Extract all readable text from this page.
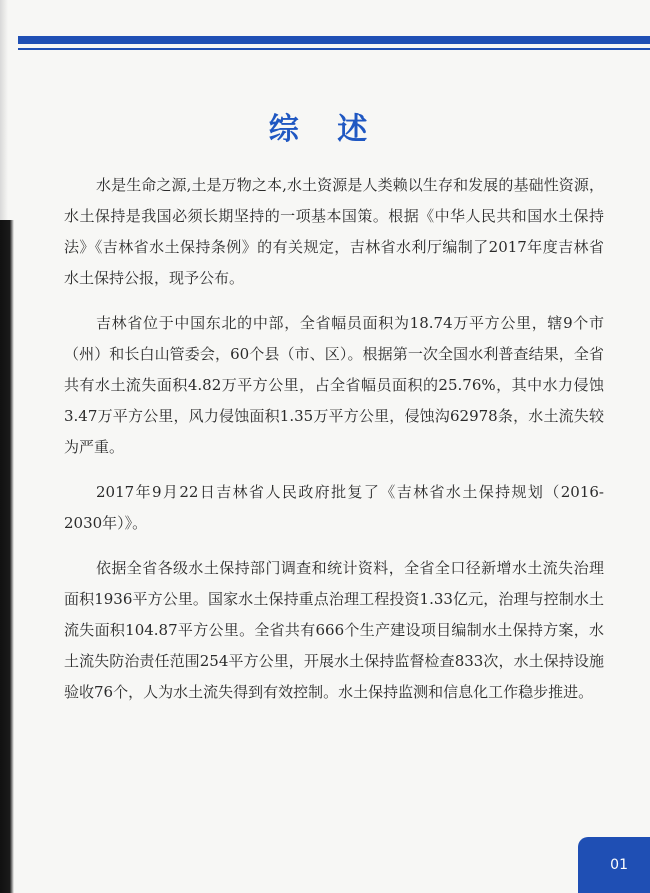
综 述

水是生命之源,土是万物之本,水土资源是人类赖以生存和发展的基础性资源，水土保持是我国必须长期坚持的一项基本国策。根据《中华人民共和国水土保持法》《吉林省水土保持条例》的有关规定，吉林省水利厅编制了2017年度吉林省水土保持公报，现予公布。

吉林省位于中国东北的中部，全省幅员面积为18.74万平方公里，辖9个市（州）和长白山管委会，60个县（市、区）。根据第一次全国水利普查结果，全省共有水土流失面积4.82万平方公里，占全省幅员面积的25.76%，其中水力侵蚀3.47万平方公里，风力侵蚀面积1.35万平方公里，侵蚀沟62978条，水土流失较为严重。

2017年9月22日吉林省人民政府批复了《吉林省水土保持规划（2016-2030年）》。

依据全省各级水土保持部门调查和统计资料，全省全口径新增水土流失治理面积1936平方公里。国家水土保持重点治理工程投资1.33亿元，治理与控制水土流失面积104.87平方公里。全省共有666个生产建设项目编制水土保持方案，水土流失防治责任范围254平方公里，开展水土保持监督检查833次，水土保持设施验收76个，人为水土流失得到有效控制。水土保持监测和信息化工作稳步推进。

01
